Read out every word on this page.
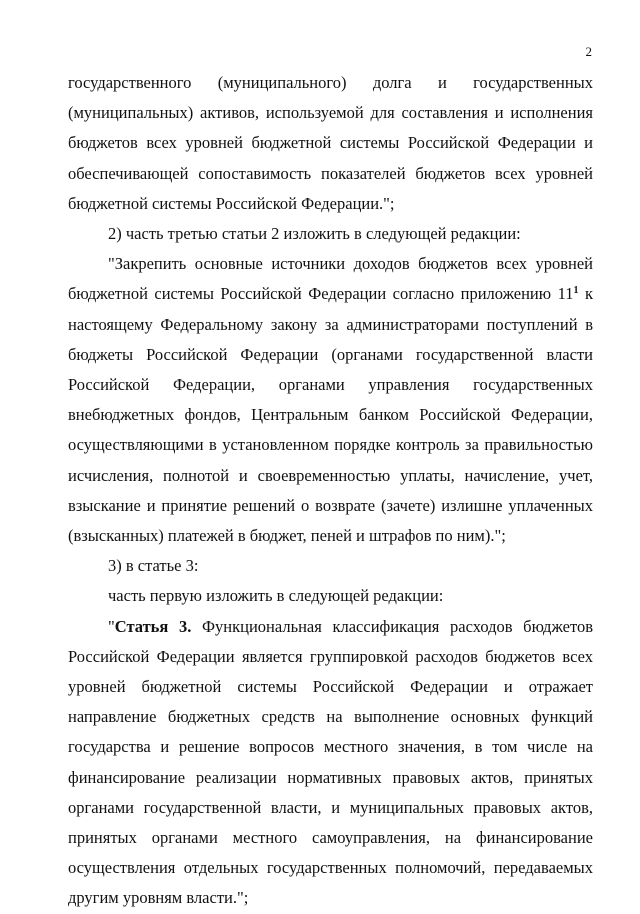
2

государственного (муниципального) долга и государственных (муниципальных) активов, используемой для составления и исполнения бюджетов всех уровней бюджетной системы Российской Федерации и обеспечивающей сопоставимость показателей бюджетов всех уровней бюджетной системы Российской Федерации.";

2) часть третью статьи 2 изложить в следующей редакции:

"Закрепить основные источники доходов бюджетов всех уровней бюджетной системы Российской Федерации согласно приложению $11^1$ к настоящему Федеральному закону за администраторами поступлений в бюджеты Российской Федерации (органами государственной власти Российской Федерации, органами управления государственных внебюджетных фондов, Центральным банком Российской Федерации, осуществляющими в установленном порядке контроль за правильностью исчисления, полнотой и своевременностью уплаты, начисление, учет, взыскание и принятие решений о возврате (зачете) излишне уплаченных (взысканных) платежей в бюджет, пеней и штрафов по ним).";

3) в статье 3:

часть первую изложить в следующей редакции:

"Статья 3. Функциональная классификация расходов бюджетов Российской Федерации является группировкой расходов бюджетов всех уровней бюджетной системы Российской Федерации и отражает направление бюджетных средств на выполнение основных функций государства и решение вопросов местного значения, в том числе на финансирование реализации нормативных правовых актов, принятых органами государственной власти, и муниципальных правовых актов, принятых органами местного самоуправления, на финансирование осуществления отдельных государственных полномочий, передаваемых другим уровням власти.";
